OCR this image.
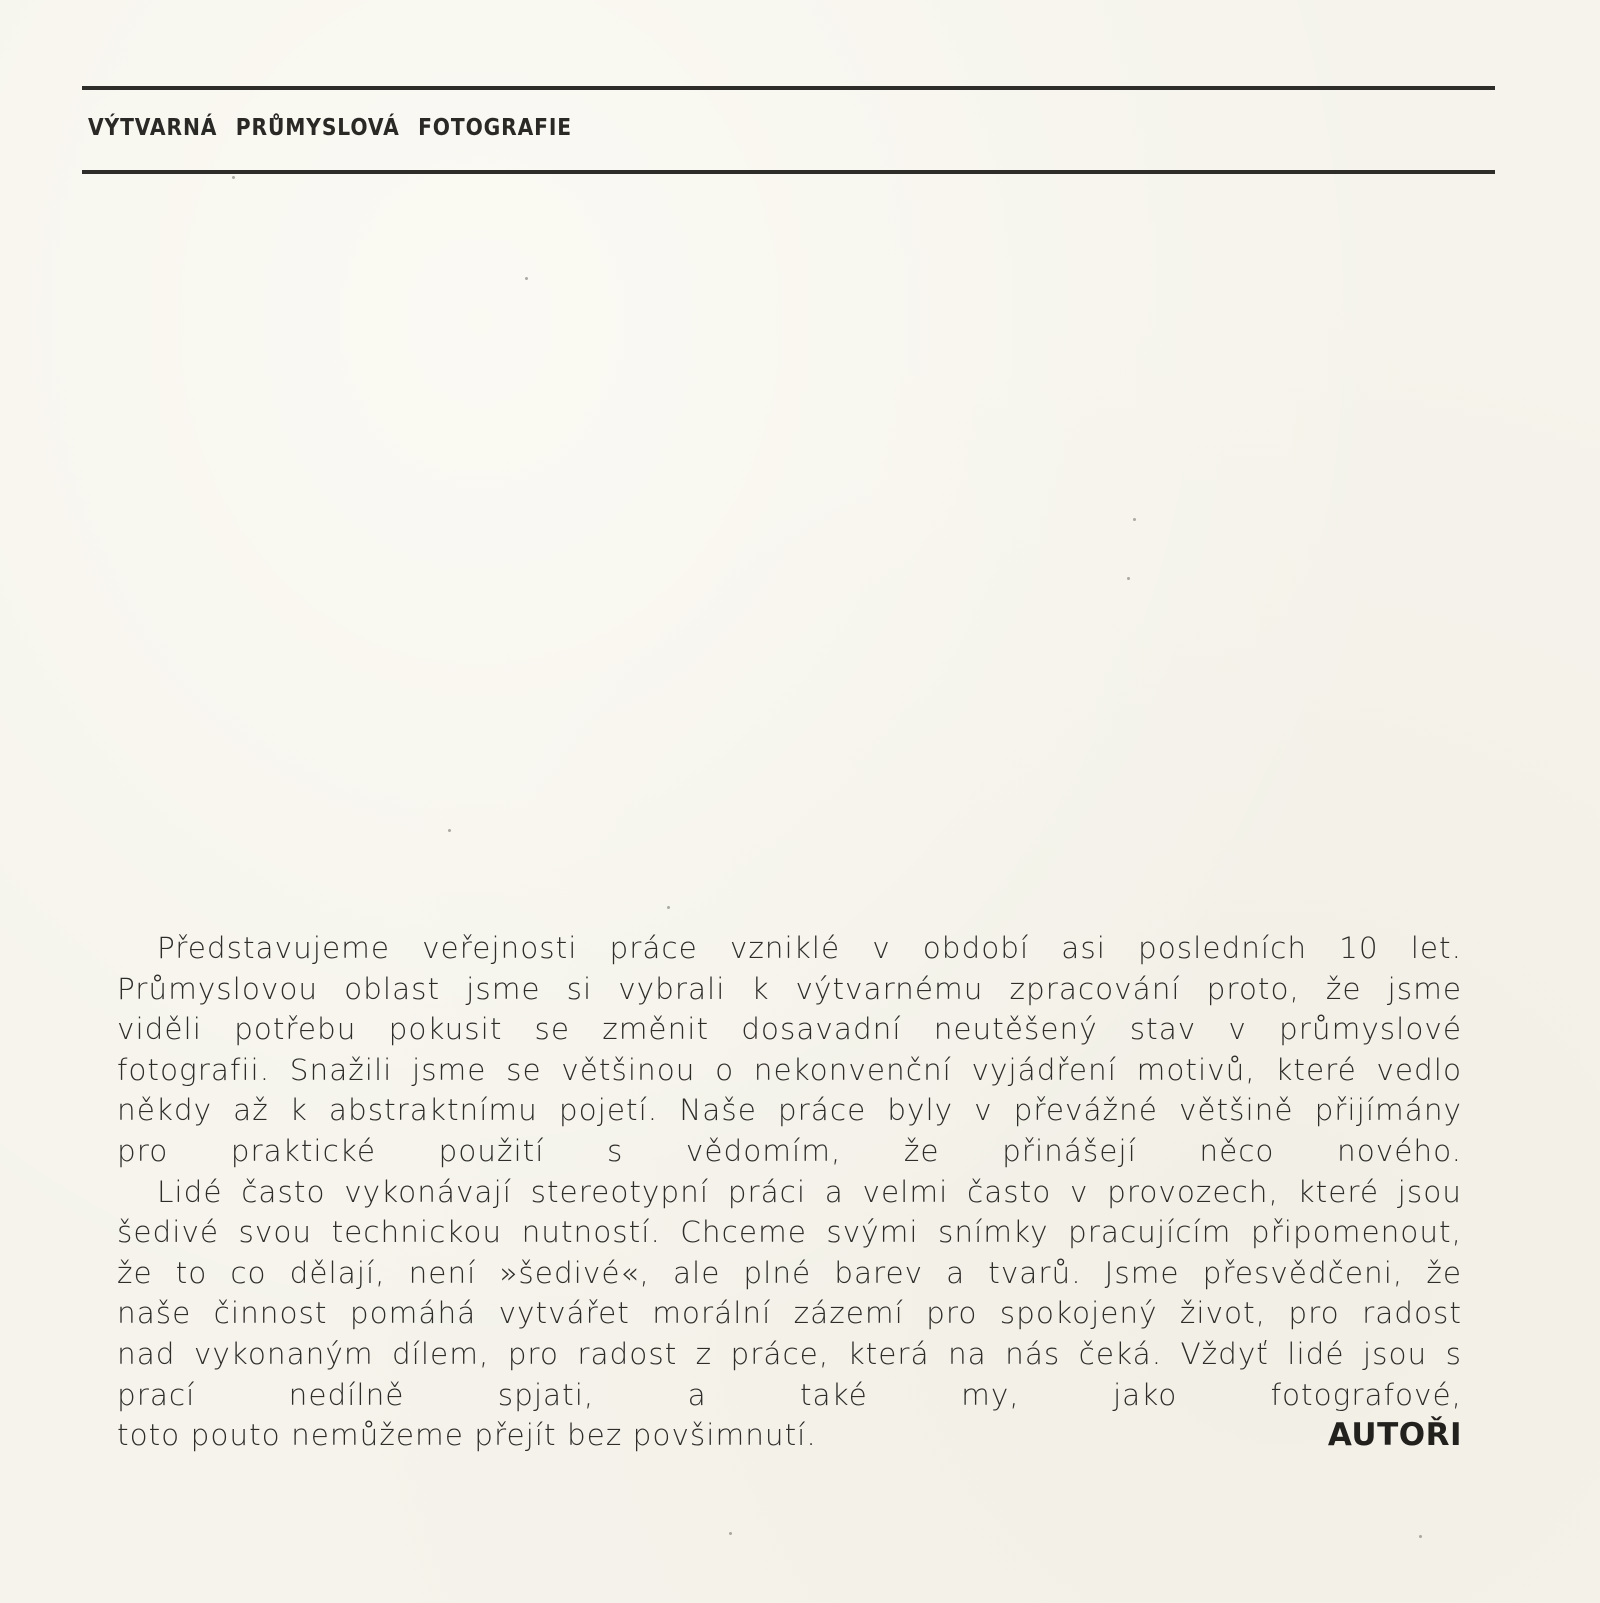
VÝTVARNÁ PRŮMYSLOVÁ FOTOGRAFIE

Představujeme veřejnosti práce vzniklé v období asi posledních 10 let. Průmyslovou oblast jsme si vybrali k výtvarnému zpracování proto, že jsme viděli potřebu pokusit se změnit dosavadní neutěšený stav v průmyslové fotografii. Snažili jsme se většinou o nekonvenční vyjádření motivů, které vedlo někdy až k abstraktnímu pojetí. Naše práce byly v převážné většině přijímány pro praktické použití s vědomím, že přinášejí něco nového.

Lidé často vykonávají stereotypní práci a velmi často v provozech, které jsou šedivé svou technickou nutností. Chceme svými snímky pracujícím připomenout, že to co dělají, není »šedivé«, ale plné barev a tvarů. Jsme přesvědčeni, že naše činnost pomáhá vytvářet morální zázemí pro spokojený život, pro radost nad vykonaným dílem, pro radost z práce, která na nás čeká. Vždyť lidé jsou s prací nedílně spjati, a také my, jako fotografové,

toto pouto nemůžeme přejít bez povšimnutí.	AUTOŘI
